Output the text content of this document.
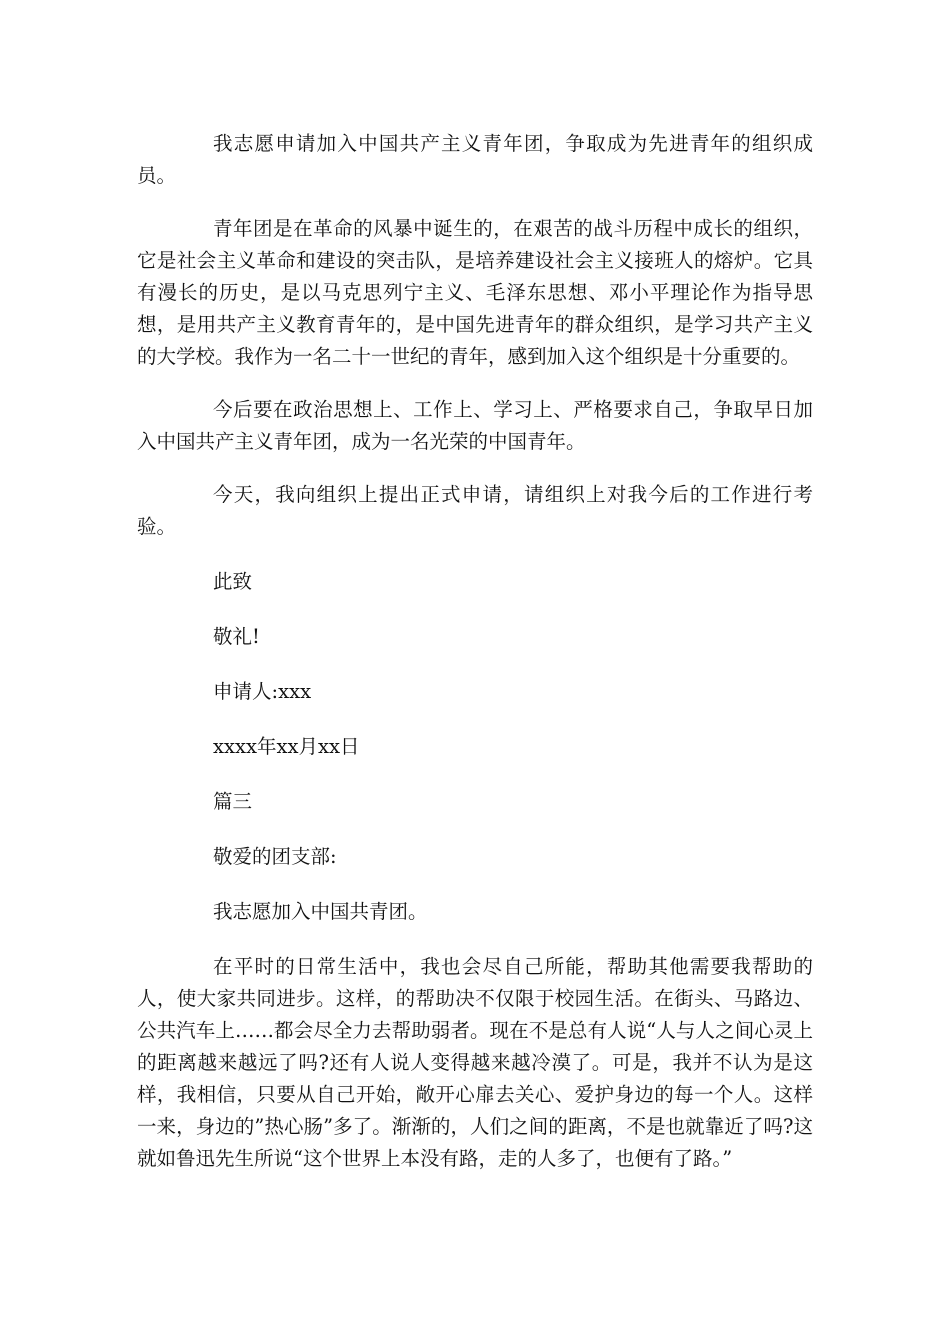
我志愿申请加入中国共产主义青年团，争取成为先进青年的组织成员。

青年团是在革命的风暴中诞生的，在艰苦的战斗历程中成长的组织，它是社会主义革命和建设的突击队，是培养建设社会主义接班人的熔炉。它具有漫长的历史，是以马克思列宁主义、毛泽东思想、邓小平理论作为指导思想，是用共产主义教育青年的，是中国先进青年的群众组织，是学习共产主义的大学校。我作为一名二十一世纪的青年，感到加入这个组织是十分重要的。

今后要在政治思想上、工作上、学习上、严格要求自己，争取早日加入中国共产主义青年团，成为一名光荣的中国青年。

今天，我向组织上提出正式申请，请组织上对我今后的工作进行考验。

此致

敬礼!

申请人:xxx

xxxx年xx月xx日

篇三

敬爱的团支部:

我志愿加入中国共青团。

在平时的日常生活中，我也会尽自己所能，帮助其他需要我帮助的人，使大家共同进步。这样，的帮助决不仅限于校园生活。在街头、马路边、公共汽车上……都会尽全力去帮助弱者。现在不是总有人说“人与人之间心灵上的距离越来越远了吗?还有人说人变得越来越冷漠了。可是，我并不认为是这样，我相信，只要从自己开始，敞开心扉去关心、爱护身边的每一个人。这样一来，身边的”热心肠”多了。渐渐的，人们之间的距离，不是也就靠近了吗?这就如鲁迅先生所说“这个世界上本没有路，走的人多了，也便有了路。”
